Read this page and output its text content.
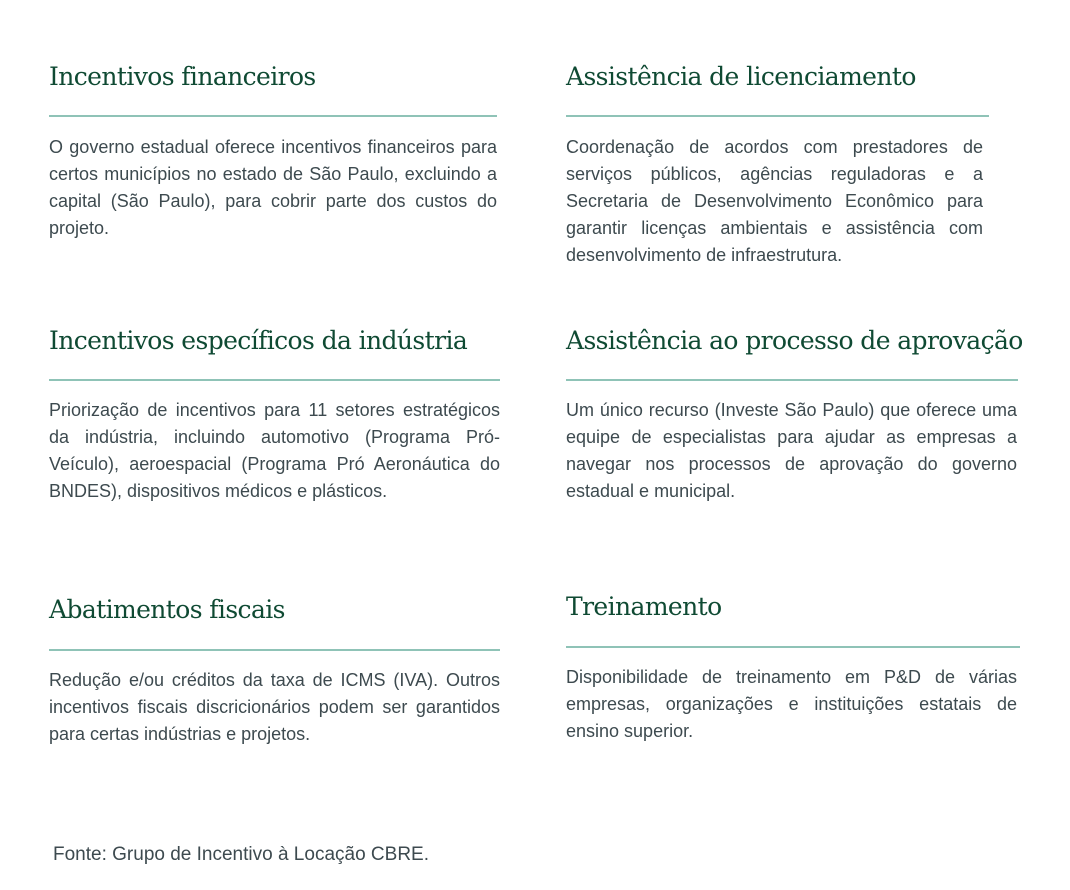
Incentivos financeiros

O governo estadual oferece incentivos financeiros para certos municípios no estado de São Paulo, excluindo a capital (São Paulo), para cobrir parte dos custos do projeto.

Assistência de licenciamento

Coordenação de acordos com prestadores de serviços públicos, agências reguladoras e a Secretaria de Desenvolvimento Econômico para garantir licenças ambientais e assistência com desenvolvimento de infraestrutura.

Incentivos específicos da indústria

Priorização de incentivos para 11 setores estratégicos da indústria, incluindo automotivo (Programa Pró-Veículo), aeroespacial (Programa Pró Aeronáutica do BNDES), dispositivos médicos e plásticos.

Assistência ao processo de aprovação

Um único recurso (Investe São Paulo) que oferece uma equipe de especialistas para ajudar as empresas a navegar nos processos de aprovação do governo estadual e municipal.

Abatimentos fiscais

Redução e/ou créditos da taxa de ICMS (IVA). Outros incentivos fiscais discricionários podem ser garantidos para certas indústrias e projetos.

Treinamento

Disponibilidade de treinamento em P&D de várias empresas, organizações e instituições estatais de ensino superior.

Fonte: Grupo de Incentivo à Locação CBRE.
